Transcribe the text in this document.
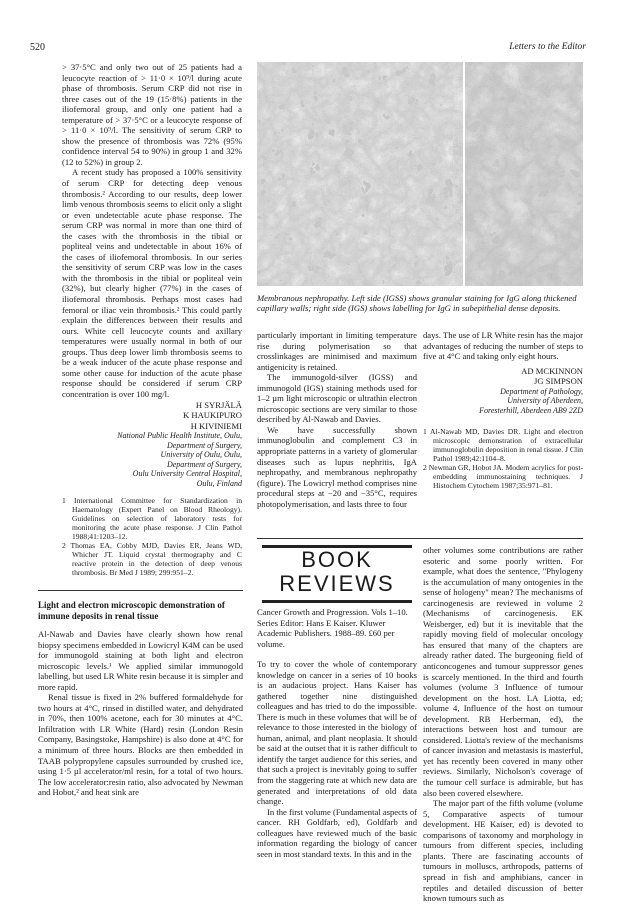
520	Letters to the Editor

> 37·5°C and only two out of 25 patients had a leucocyte reaction of > 11·0 × 10⁹/l during acute phase of thrombosis. Serum CRP did not rise in three cases out of the 19 (15·8%) patients in the iliofemoral group, and only one patient had a temperature of > 37·5°C or a leucocyte response of > 11·0 × 10⁹/l. The sensitivity of serum CRP to show the presence of thrombosis was 72% (95% confidence interval 54 to 90%) in group 1 and 32% (12 to 52%) in group 2.

A recent study has proposed a 100% sensitivity of serum CRP for detecting deep venous thrombosis.² According to our results, deep lower limb venous thrombosis seems to elicit only a slight or even undetectable acute phase response. The serum CRP was normal in more than one third of the cases with the thrombosis in the tibial or popliteal veins and undetectable in about 16% of the cases of iliofemoral thrombosis. In our series the sensitivity of serum CRP was low in the cases with the thrombosis in the tibial or popliteal vein (32%), but clearly higher (77%) in the cases of iliofemoral thrombosis. Perhaps most cases had femoral or iliac vein thrombosis.² This could partly explain the differences between their results and ours. White cell leucocyte counts and axillary temperatures were usually normal in both of our groups. Thus deep lower limb thrombosis seems to be a weak inducer of the acute phase response and some other cause for induction of the acute phase response should be considered if serum CRP concentration is over 100 mg/l.

H SYRJÄLÄ
K HAUKIPURO
H KIVINIEMI
National Public Health Institute, Oulu,
Department of Surgery,
University of Oulu, Oulu,
Department of Surgery,
Oulu University Central Hospital,
Oulu, Finland
1 International Committee for Standardization in Haematology (Expert Panel on Blood Rheology). Guidelines on selection of laboratory tests for monitoring the acute phase response. J Clin Pathol 1988;41:1203–12.
2 Thomas EA, Cobby MJD, Davies ER, Jeans WD, Whicher JT. Liquid crystal thermography and C reactive protein in the detection of deep venous thrombosis. Br Med J 1989; 299:951–2.
Light and electron microscopic demonstration of immune deposits in renal tissue

Al-Nawab and Davies have clearly shown how renal biopsy specimens embedded in Lowicryl K4M can be used for immunogold staining at both light and electron microscopic levels.¹ We applied similar immunogold labelling, but used LR White resin because it is simpler and more rapid.

Renal tissue is fixed in 2% buffered formaldehyde for two hours at 4°C, rinsed in distilled water, and dehydrated in 70%, then 100% acetone, each for 30 minutes at 4°C. Infiltration with LR White (Hard) resin (London Resin Company, Basingstoke, Hampshire) is also done at 4°C for a minimum of three hours. Blocks are then embedded in TAAB polypropylene capsules surrounded by crushed ice, using 1·5 µl accelerator/ml resin, for a total of two hours. The low accelerator:resin ratio, also advocated by Newman and Hobot,² and heat sink are

Membranous nephropathy. Left side (IGSS) shows granular staining for IgG along thickened capillary walls; right side (IGS) shows labelling for IgG in subepithelial dense deposits.

particularly important in limiting temperature rise during polymerisation so that crosslinkages are minimised and maximum antigenicity is retained.

The immunogold-silver (IGSS) and immunogold (IGS) staining methods used for 1–2 µm light microscopic or ultrathin electron microscopic sections are very similar to those described by Al-Nawab and Davies.

We have successfully shown immunoglobulin and complement C3 in appropriate patterns in a variety of glomerular diseases such as lupus nephritis, IgA nephropathy, and membranous nephropathy (figure). The Lowicryl method comprises nine procedural steps at −20 and −35°C, requires photopolymerisation, and lasts three to four

days. The use of LR White resin has the major advantages of reducing the number of steps to five at 4°C and taking only eight hours.

AD MCKINNON
JG SIMPSON
Department of Pathology,
University of Aberdeen,
Foresterhill, Aberdeen AB9 2ZD
1 Al-Nawab MD, Davies DR. Light and electron microscopic demonstration of extracellular immunoglobulin deposition in renal tissue. J Clin Pathol 1989;42:1104–8.
2 Newman GR, Hobot JA. Modern acrylics for post-embedding immunostaining techniques. J Histochem Cytochem 1987;35:971–81.
BOOK
REVIEWS
Cancer Growth and Progression. Vols 1–10. Series Editor: Hans E Kaiser. Kluwer Academic Publishers. 1988–89. £60 per volume.

To try to cover the whole of contemporary knowledge on cancer in a series of 10 books is an audacious project. Hans Kaiser has gathered together nine distinguished colleagues and has tried to do the impossible. There is much in these volumes that will be of relevance to those interested in the biology of human, animal, and plant neoplasia. It should be said at the outset that it is rather difficult to identify the target audience for this series, and that such a project is inevitably going to suffer from the staggering rate at which new data are generated and interpretations of old data change.

In the first volume (Fundamental aspects of cancer. RH Goldfarb, ed), Goldfarb and colleagues have reviewed much of the basic information regarding the biology of cancer seen in most standard texts. In this and in the

other volumes some contributions are rather esoteric and some poorly written. For example, what does the sentence, "Phylogeny is the accumulation of many ontogenies in the sense of hologeny" mean? The mechanisms of carcinogenesis are reviewed in volume 2 (Mechanisms of carcinogenesis. EK Weisberger, ed) but it is inevitable that the rapidly moving field of molecular oncology has ensured that many of the chapters are already rather dated. The burgeoning field of anticoncogenes and tumour suppressor genes is scarcely mentioned. In the third and fourth volumes (volume 3 Influence of tumour development on the host. LA Liotta, ed; volume 4, Influence of the host on tumour development. RB Herberman, ed), the interactions between host and tumour are considered. Liotta's review of the mechanisms of cancer invasion and metastasis is masterful, yet has recently been covered in many other reviews. Similarly, Nicholson's coverage of the tumour cell surface is admirable, but has also been covered elsewhere.

The major part of the fifth volume (volume 5, Comparative aspects of tumour development. HE Kaiser, ed) is devoted to comparisons of taxonomy and morphology in tumours from different species, including plants. There are fascinating accounts of tumours in molluscs, arthropods, patterns of spread in fish and amphibians, cancer in reptiles and detailed discussion of better known tumours such as
